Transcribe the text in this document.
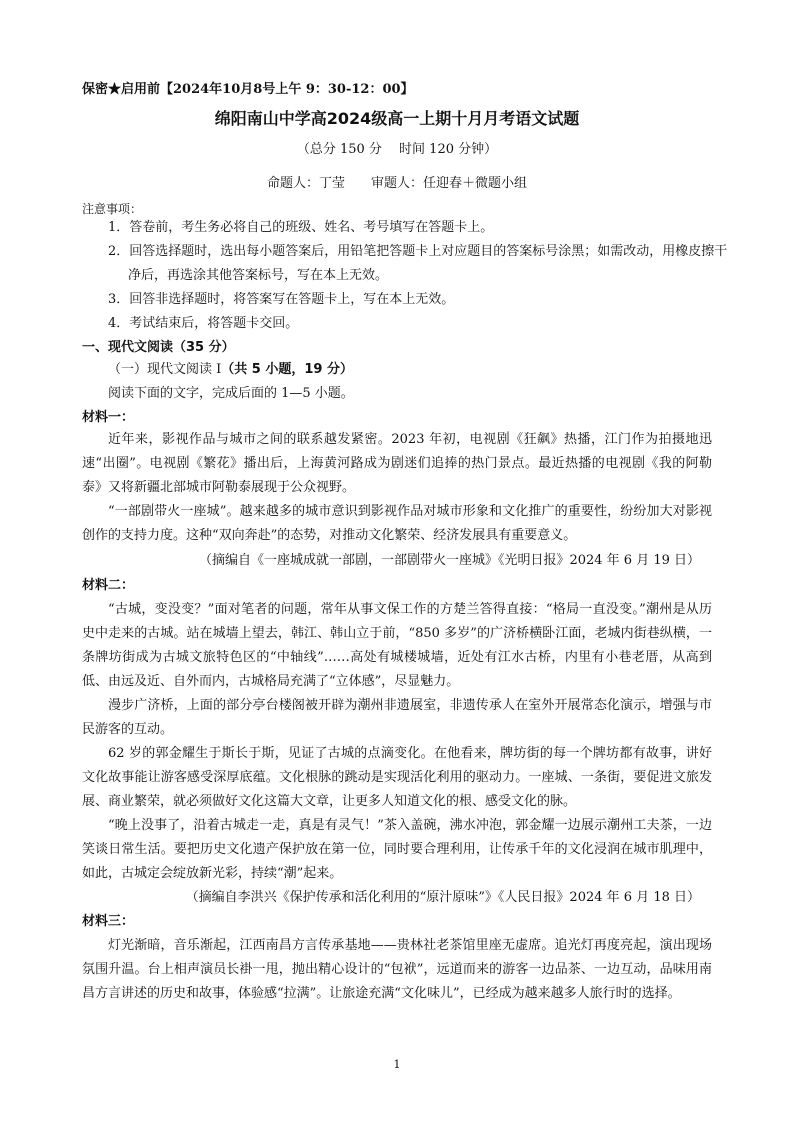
保密★启用前【2024年10月8号上午 9：30-12：00】
绵阳南山中学高2024级高一上期十月月考语文试题
（总分 150 分　 时间 120 分钟）
命题人：丁莹　　审题人：任迎春＋微题小组
注意事项：
1．答卷前，考生务必将自己的班级、姓名、考号填写在答题卡上。
2．回答选择题时，选出每小题答案后，用铅笔把答题卡上对应题目的答案标号涂黑；如需改动，用橡皮擦干净后，再选涂其他答案标号，写在本上无效。
3．回答非选择题时，将答案写在答题卡上，写在本上无效。
4．考试结束后，将答题卡交回。
一、现代文阅读（35 分）
（一）现代文阅读 I（共 5 小题，19 分）
阅读下面的文字，完成后面的 1—5 小题。
材料一：

近年来，影视作品与城市之间的联系越发紧密。2023 年初，电视剧《狂飙》热播，江门作为拍摄地迅速“出圈”。电视剧《繁花》播出后，上海黄河路成为剧迷们追捧的热门景点。最近热播的电视剧《我的阿勒泰》又将新疆北部城市阿勒泰展现于公众视野。

“一部剧带火一座城”。越来越多的城市意识到影视作品对城市形象和文化推广的重要性，纷纷加大对影视创作的支持力度。这种“双向奔赴”的态势，对推动文化繁荣、经济发展具有重要意义。

（摘编自《一座城成就一部剧，一部剧带火一座城》《光明日报》2024 年 6 月 19 日）
材料二：

“古城，变没变？”面对笔者的问题，常年从事文保工作的方楚兰答得直接：“格局一直没变。”潮州是从历史中走来的古城。站在城墙上望去，韩江、韩山立于前，“850 多岁”的广济桥横卧江面，老城内街巷纵横，一条牌坊街成为古城文旅特色区的“中轴线”……高处有城楼城墙，近处有江水古桥，内里有小巷老厝，从高到低、由远及近、自外而内，古城格局充满了“立体感”，尽显魅力。

漫步广济桥，上面的部分亭台楼阁被开辟为潮州非遗展室，非遗传承人在室外开展常态化演示，增强与市民游客的互动。

62 岁的郭金耀生于斯长于斯，见证了古城的点滴变化。在他看来，牌坊街的每一个牌坊都有故事，讲好文化故事能让游客感受深厚底蕴。文化根脉的跳动是实现活化利用的驱动力。一座城、一条街，要促进文旅发展、商业繁荣，就必须做好文化这篇大文章，让更多人知道文化的根、感受文化的脉。

“晚上没事了，沿着古城走一走，真是有灵气！”茶入盖碗，沸水冲泡，郭金耀一边展示潮州工夫茶，一边笑谈日常生活。要把历史文化遗产保护放在第一位，同时要合理利用，让传承千年的文化浸润在城市肌理中，如此，古城定会绽放新光彩，持续“潮”起来。

（摘编自李洪兴《保护传承和活化利用的“原汁原味”》《人民日报》2024 年 6 月 18 日）
材料三：

灯光渐暗，音乐渐起，江西南昌方言传承基地——贵林社老茶馆里座无虚席。追光灯再度亮起，演出现场氛围升温。台上相声演员长褂一甩，抛出精心设计的“包袱”，远道而来的游客一边品茶、一边互动，品味用南昌方言讲述的历史和故事，体验感“拉满”。让旅途充满“文化味儿”，已经成为越来越多人旅行时的选择。

1
